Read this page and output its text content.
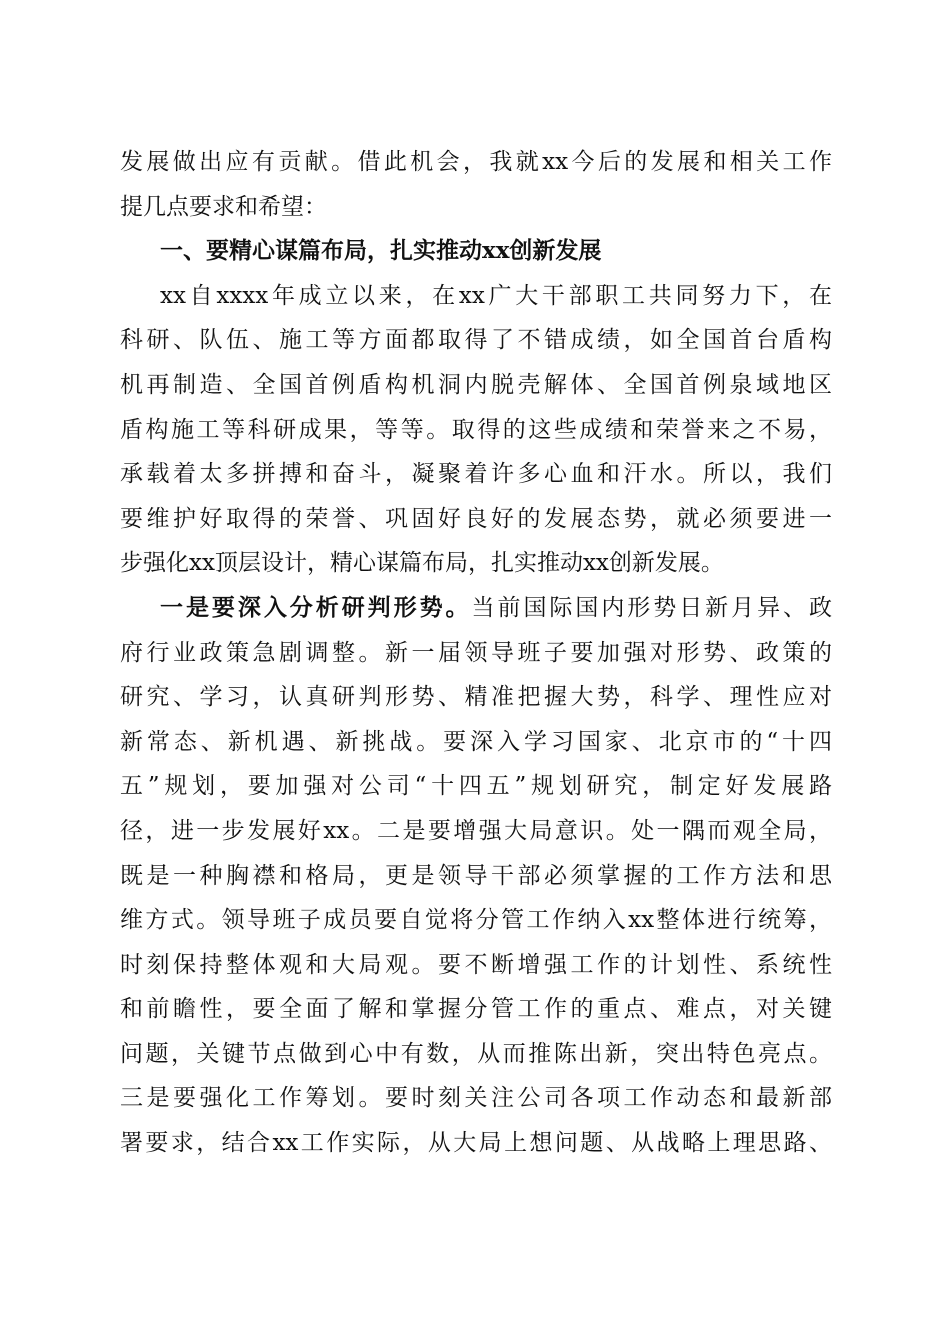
发展做出应有贡献。借此机会，我就xx今后的发展和相关工作
提几点要求和希望：
一、要精心谋篇布局，扎实推动xx创新发展
xx自xxxx年成立以来，在xx广大干部职工共同努力下，在
科研、队伍、施工等方面都取得了不错成绩，如全国首台盾构
机再制造、全国首例盾构机洞内脱壳解体、全国首例泉域地区
盾构施工等科研成果，等等。取得的这些成绩和荣誉来之不易，
承载着太多拼搏和奋斗，凝聚着许多心血和汗水。所以，我们
要维护好取得的荣誉、巩固好良好的发展态势，就必须要进一
步强化xx顶层设计，精心谋篇布局，扎实推动xx创新发展。
一是要深入分析研判形势。当前国际国内形势日新月异、政
府行业政策急剧调整。新一届领导班子要加强对形势、政策的
研究、学习，认真研判形势、精准把握大势，科学、理性应对
新常态、新机遇、新挑战。要深入学习国家、北京市的“十四
五”规划，要加强对公司“十四五”规划研究，制定好发展路
径，进一步发展好xx。二是要增强大局意识。处一隅而观全局，
既是一种胸襟和格局，更是领导干部必须掌握的工作方法和思
维方式。领导班子成员要自觉将分管工作纳入xx整体进行统筹，
时刻保持整体观和大局观。要不断增强工作的计划性、系统性
和前瞻性，要全面了解和掌握分管工作的重点、难点，对关键
问题，关键节点做到心中有数，从而推陈出新，突出特色亮点。
三是要强化工作筹划。要时刻关注公司各项工作动态和最新部
署要求，结合xx工作实际，从大局上想问题、从战略上理思路、
